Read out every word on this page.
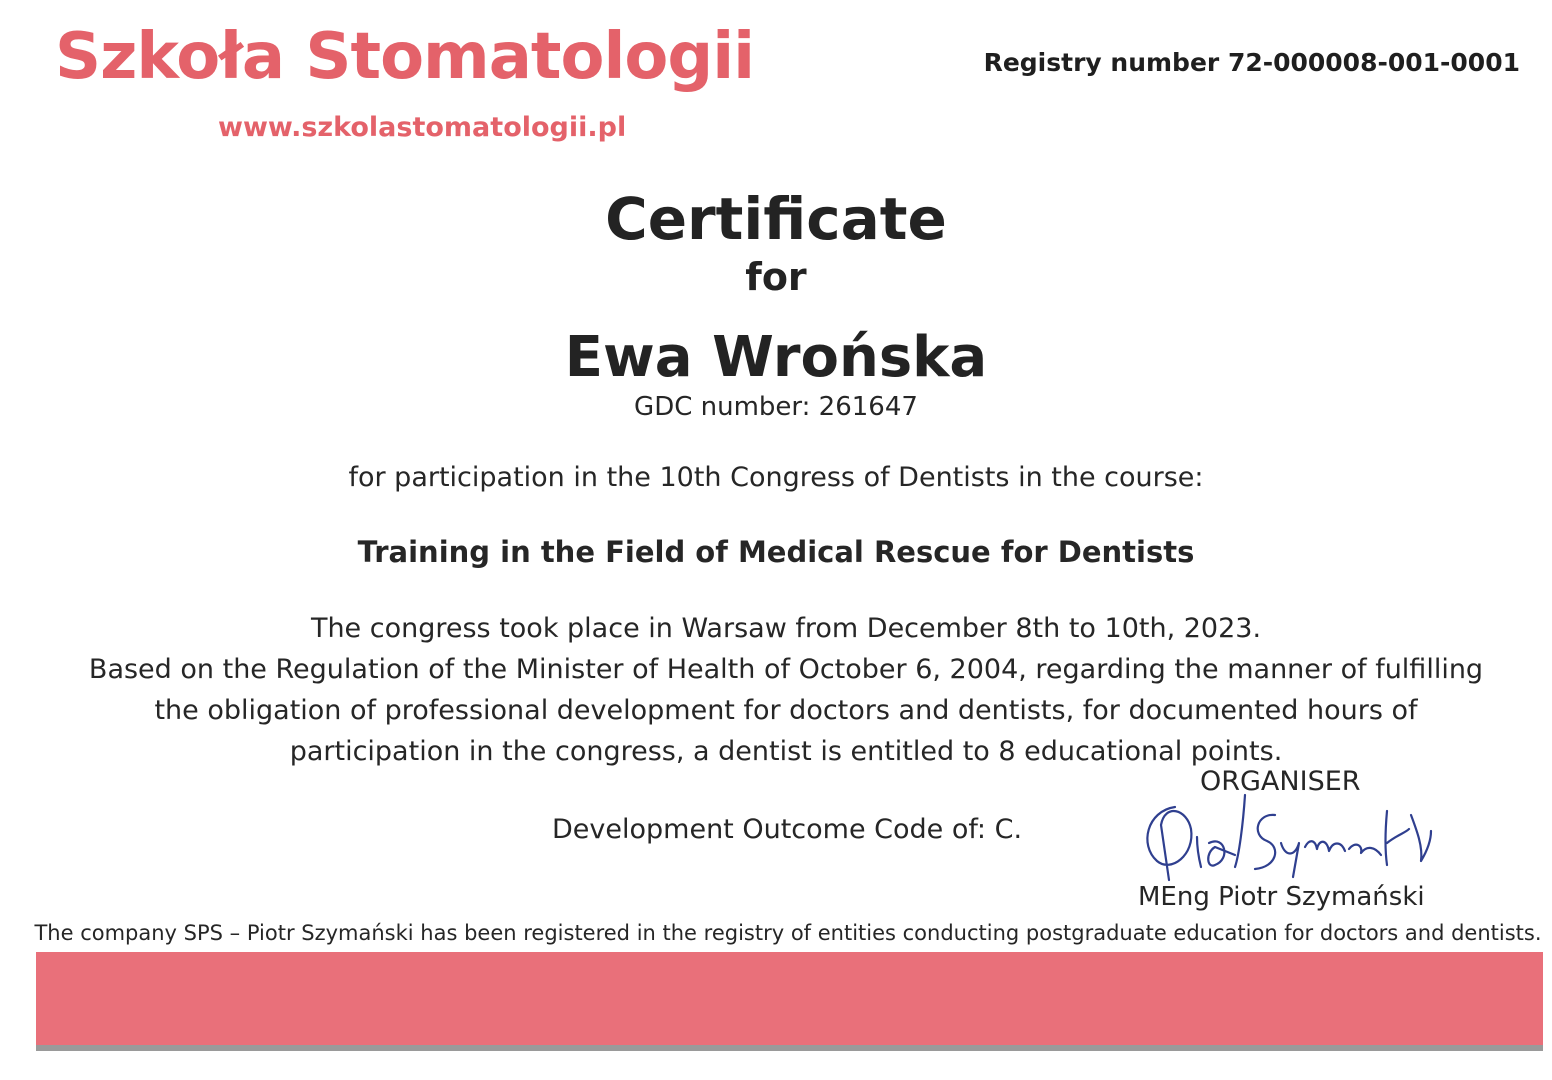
Szkoła Stomatologii
www.szkolastomatologii.pl
Registry number 72-000008-001-0001
Certificate
for
Ewa Wrońska
GDC number: 261647
for participation in the 10th Congress of Dentists in the course:
Training in the Field of Medical Rescue for Dentists

The congress took place in Warsaw from December 8th to 10th, 2023.

Based on the Regulation of the Minister of Health of October 6, 2004, regarding the manner of fulfilling

the obligation of professional development for doctors and dentists, for documented hours of

participation in the congress, a dentist is entitled to 8 educational points.

Development Outcome Code of: C.
Piotr Szymański ORGANISER
MEng Piotr Szymański
The company SPS – Piotr Szymański has been registered in the registry of entities conducting postgraduate education for doctors and dentists.
